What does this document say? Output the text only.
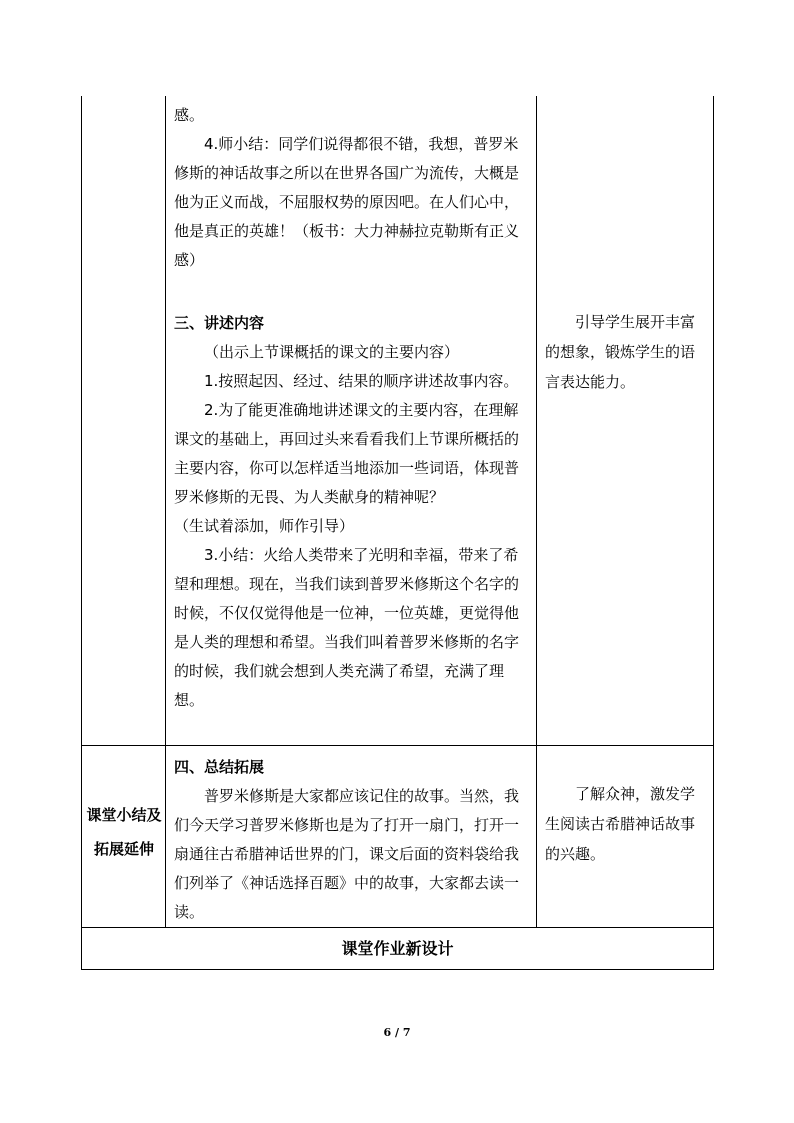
感。

4.师小结：同学们说得都很不错，我想，普罗米修斯的神话故事之所以在世界各国广为流传，大概是他为正义而战，不屈服权势的原因吧。在人们心中，他是真正的英雄！（板书：大力神赫拉克勒斯有正义感）

三、讲述内容

（出示上节课概括的课文的主要内容）

1.按照起因、经过、结果的顺序讲述故事内容。

2.为了能更准确地讲述课文的主要内容，在理解课文的基础上，再回过头来看看我们上节课所概括的主要内容，你可以怎样适当地添加一些词语，体现普罗米修斯的无畏、为人类献身的精神呢？

（生试着添加，师作引导）

3.小结：火给人类带来了光明和幸福，带来了希望和理想。现在，当我们读到普罗米修斯这个名字的时候，不仅仅觉得他是一位神，一位英雄，更觉得他是人类的理想和希望。当我们叫着普罗米修斯的名字的时候，我们就会想到人类充满了希望，充满了理想。

引导学生展开丰富的想象，锻炼学生的语言表达能力。

课堂小结及拓展延伸

四、总结拓展

普罗米修斯是大家都应该记住的故事。当然，我们今天学习普罗米修斯也是为了打开一扇门，打开一扇通往古希腊神话世界的门，课文后面的资料袋给我们列举了《神话选择百题》中的故事，大家都去读一读。

了解众神，激发学生阅读古希腊神话故事的兴趣。

课堂作业新设计
6 / 7
